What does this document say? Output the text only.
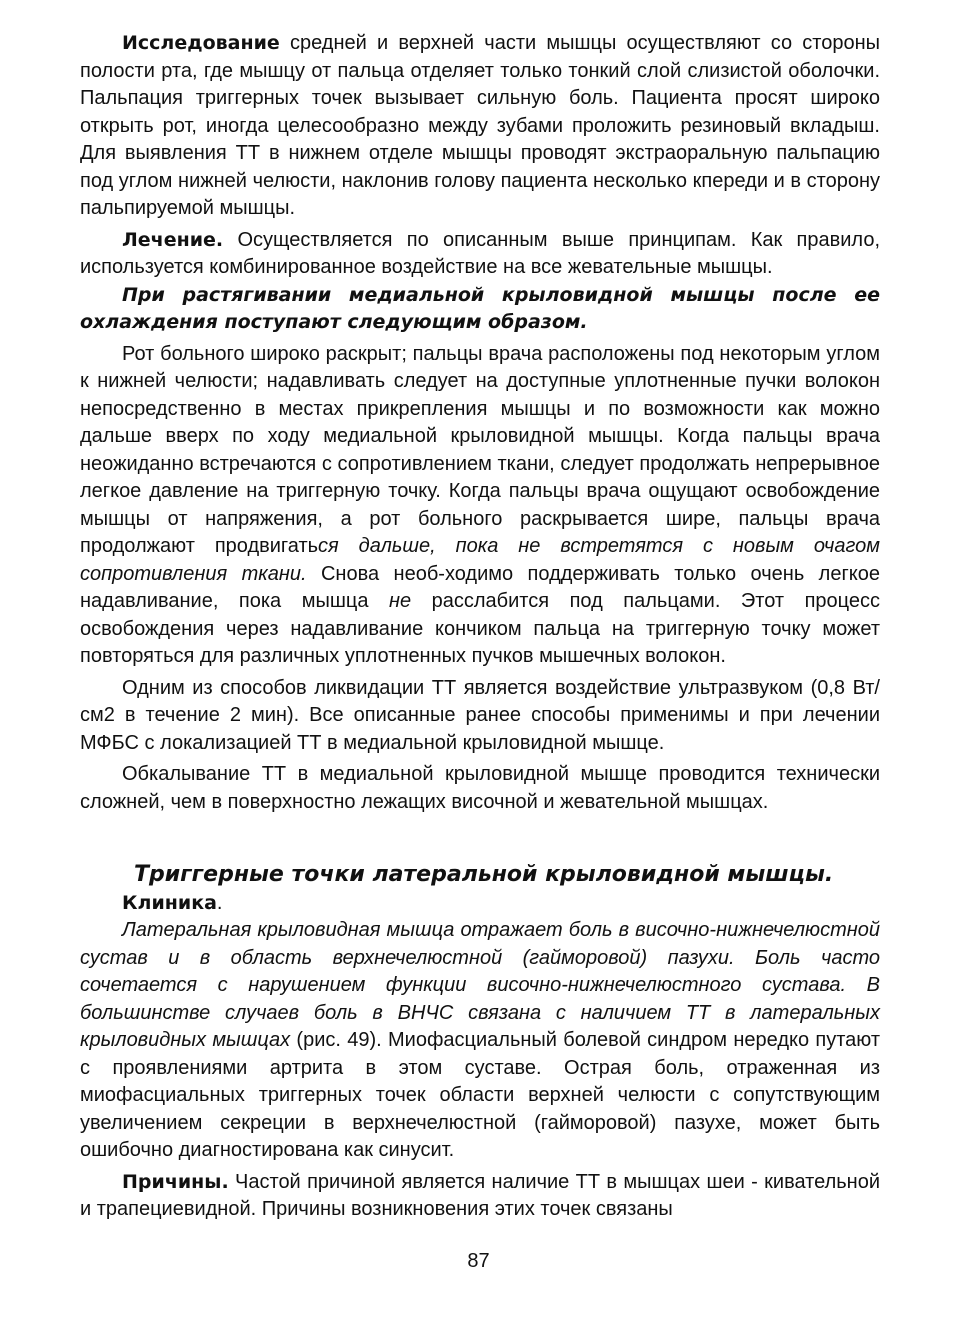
Исследование средней и верхней части мышцы осуществляют со стороны полости рта, где мышцу от пальца отделяет только тонкий слой слизистой оболочки. Пальпация триггерных точек вызывает сильную боль. Пациента просят широко открыть рот, иногда целесообразно между зубами проложить резиновый вкладыш. Для выявления ТТ в нижнем отделе мышцы проводят экстраоральную пальпацию под углом нижней челюсти, наклонив голову пациента несколько кпереди и в сторону пальпируемой мышцы.

Лечение. Осуществляется по описанным выше принципам. Как правило, используется комбинированное воздействие на все жевательные мышцы.

При растягивании медиальной крыловидной мышцы после ее охлаждения поступают следующим образом.

Рот больного широко раскрыт; пальцы врача расположены под некоторым углом к нижней челюсти; надавливать следует на доступные уплотненные пучки волокон непосредственно в местах прикрепления мышцы и по возможности как можно дальше вверх по ходу медиальной крыловидной мышцы. Когда пальцы врача неожиданно встречаются с сопротивлением ткани, следует продолжать непрерывное легкое давление на триггерную точку. Когда пальцы врача ощущают освобождение мышцы от напряжения, а рот больного раскрывается шире, пальцы врача продолжают продвигаться дальше, пока не встретятся с новым очагом сопротивления ткани. Снова необ-ходимо поддерживать только очень легкое надавливание, пока мышца не расслабится под пальцами. Этот процесс освобождения через надавливание кончиком пальца на триггерную точку может повторяться для различных уплотненных пучков мышечных волокон.

Одним из способов ликвидации ТТ является воздействие ультразвуком (0,8 Вт/см2 в течение 2 мин). Все описанные ранее способы применимы и при лечении МФБС с локализацией ТТ в медиальной крыловидной мышце.

Обкалывание ТТ в медиальной крыловидной мышце проводится технически сложней, чем в поверхностно лежащих височной и жевательной мышцах.

Триггерные точки латеральной крыловидной мышцы.

Клиника.

Латеральная крыловидная мышца отражает боль в височно-нижнечелюстной сустав и в область верхнечелюстной (гайморовой) пазухи. Боль часто сочетается с нарушением функции височно-нижнечелюстного сустава. В большинстве случаев боль в ВНЧС связана с наличием ТТ в латеральных крыловидных мышцах (рис. 49). Миофасциальный болевой синдром нередко путают с проявлениями артрита в этом суставе. Острая боль, отраженная из миофасциальных триггерных точек области верхней челюсти с сопутствующим увеличением секреции в верхнечелюстной (гайморовой) пазухе, может быть ошибочно диагностирована как синусит.

Причины. Частой причиной является наличие ТТ в мышцах шеи - кивательной и трапециевидной. Причины возникновения этих точек связаны

87
